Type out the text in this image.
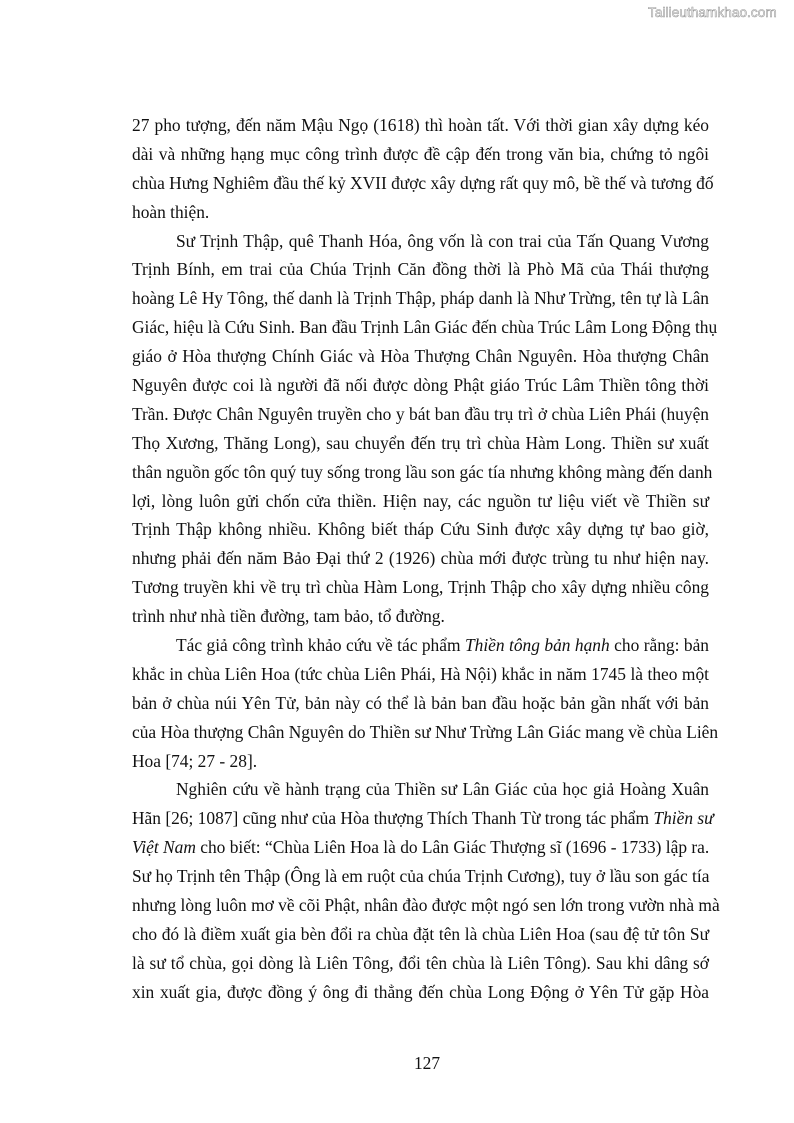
Tailieuthamkhao.com
27 pho tượng, đến năm Mậu Ngọ (1618) thì hoàn tất. Với thời gian xây dựng kéo
dài và những hạng mục công trình được đề cập đến trong văn bia, chứng tỏ ngôi
chùa Hưng Nghiêm đầu thế kỷ XVII được xây dựng rất quy mô, bề thế và tương đố
hoàn thiện.
Sư Trịnh Thập, quê Thanh Hóa, ông vốn là con trai của Tấn Quang Vương
Trịnh Bính, em trai của Chúa Trịnh Căn đồng thời là Phò Mã của Thái thượng
hoàng Lê Hy Tông, thế danh là Trịnh Thập, pháp danh là Như Trừng, tên tự là Lân
Giác, hiệu là Cứu Sinh. Ban đầu Trịnh Lân Giác đến chùa Trúc Lâm Long Động thụ
giáo ở Hòa thượng Chính Giác và Hòa Thượng Chân Nguyên. Hòa thượng Chân
Nguyên được coi là người đã nối được dòng Phật giáo Trúc Lâm Thiền tông thời
Trần. Được Chân Nguyên truyền cho y bát ban đầu trụ trì ở chùa Liên Phái (huyện
Thọ Xương, Thăng Long), sau chuyển đến trụ trì chùa Hàm Long. Thiền sư xuất
thân nguồn gốc tôn quý tuy sống trong lầu son gác tía nhưng không màng đến danh
lợi, lòng luôn gửi chốn cửa thiền. Hiện nay, các nguồn tư liệu viết về Thiền sư
Trịnh Thập không nhiều. Không biết tháp Cứu Sinh được xây dựng tự bao giờ,
nhưng phải đến năm Bảo Đại thứ 2 (1926) chùa mới được trùng tu như hiện nay.
Tương truyền khi về trụ trì chùa Hàm Long, Trịnh Thập cho xây dựng nhiều công
trình như nhà tiền đường, tam bảo, tổ đường.
Tác giả công trình khảo cứu về tác phẩm Thiền tông bản hạnh cho rằng: bản
khắc in chùa Liên Hoa (tức chùa Liên Phái, Hà Nội) khắc in năm 1745 là theo một
bản ở chùa núi Yên Tử, bản này có thể là bản ban đầu hoặc bản gần nhất với bản
của Hòa thượng Chân Nguyên do Thiền sư Như Trừng Lân Giác mang về chùa Liên
Hoa [74; 27 - 28].
Nghiên cứu về hành trạng của Thiền sư Lân Giác của học giả Hoàng Xuân
Hãn [26; 1087] cũng như của Hòa thượng Thích Thanh Từ trong tác phẩm Thiền sư
Việt Nam cho biết: “Chùa Liên Hoa là do Lân Giác Thượng sĩ (1696 - 1733) lập ra.
Sư họ Trịnh tên Thập (Ông là em ruột của chúa Trịnh Cương), tuy ở lầu son gác tía
nhưng lòng luôn mơ về cõi Phật, nhân đào được một ngó sen lớn trong vườn nhà mà
cho đó là điềm xuất gia bèn đổi ra chùa đặt tên là chùa Liên Hoa (sau đệ tử tôn Sư
là sư tổ chùa, gọi dòng là Liên Tông, đổi tên chùa là Liên Tông). Sau khi dâng sớ
xin xuất gia, được đồng ý ông đi thẳng đến chùa Long Động ở Yên Tử gặp Hòa
127
